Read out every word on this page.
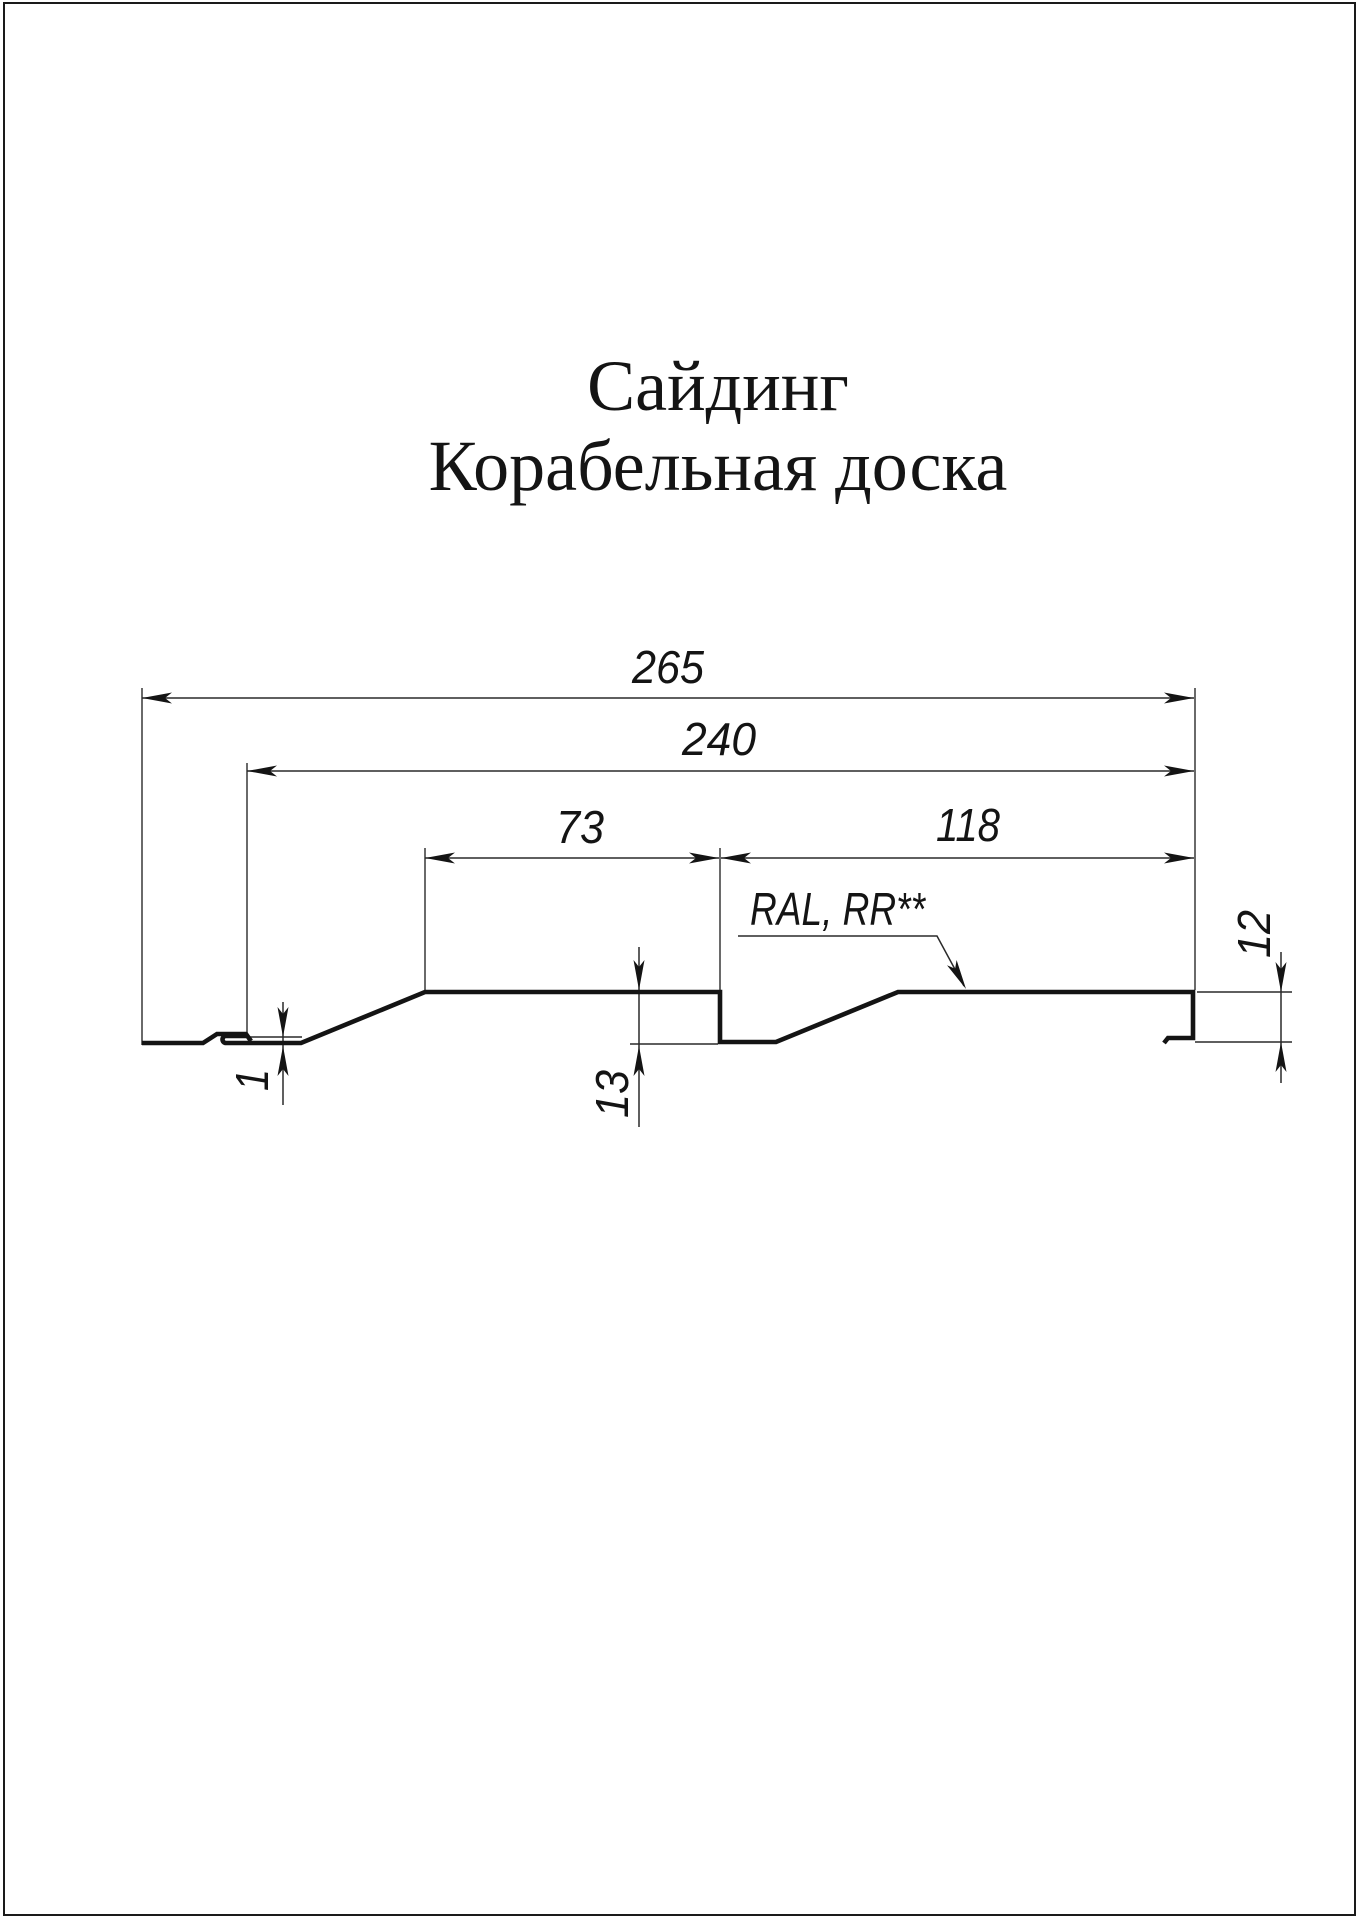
Сайдинг
Корабельная доска
265
240
73	118
RAL, RR**
1	13
12
